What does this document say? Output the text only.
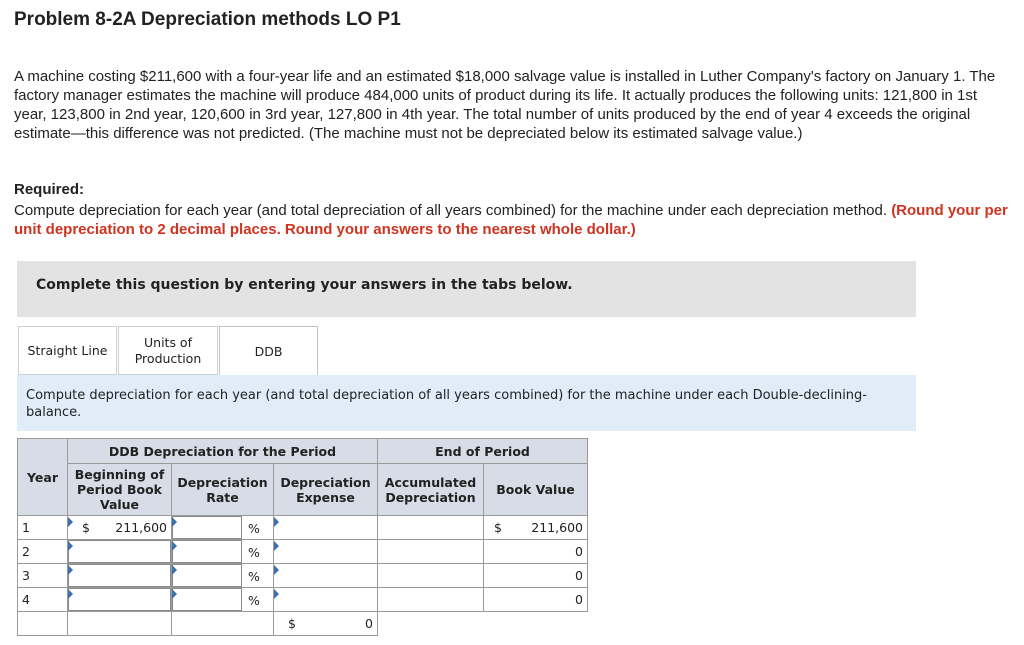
Problem 8-2A Depreciation methods LO P1
A machine costing $211,600 with a four-year life and an estimated $18,000 salvage value is installed in Luther Company's factory on January 1. The factory manager estimates the machine will produce 484,000 units of product during its life. It actually produces the following units: 121,800 in 1st year, 123,800 in 2nd year, 120,600 in 3rd year, 127,800 in 4th year. The total number of units produced by the end of year 4 exceeds the original estimate—this difference was not predicted. (The machine must not be depreciated below its estimated salvage value.)
Required:
Compute depreciation for each year (and total depreciation of all years combined) for the machine under each depreciation method. (Round your per unit depreciation to 2 decimal places. Round your answers to the nearest whole dollar.)
Complete this question by entering your answers in the tabs below.
Straight Line
Units of Production	DDB
Compute depreciation for each year (and total depreciation of all years combined) for the machine under each Double-declining-balance.
Year	DDB Depreciation for the Period			End of Period	
	Beginning of Period Book Value	Depreciation Rate	Depreciation Expense	Accumulated Depreciation	Book Value

1	$ 211,600	%			$ 211,600

2		%			0

3		%			0

4		%			0

			$ 0		
